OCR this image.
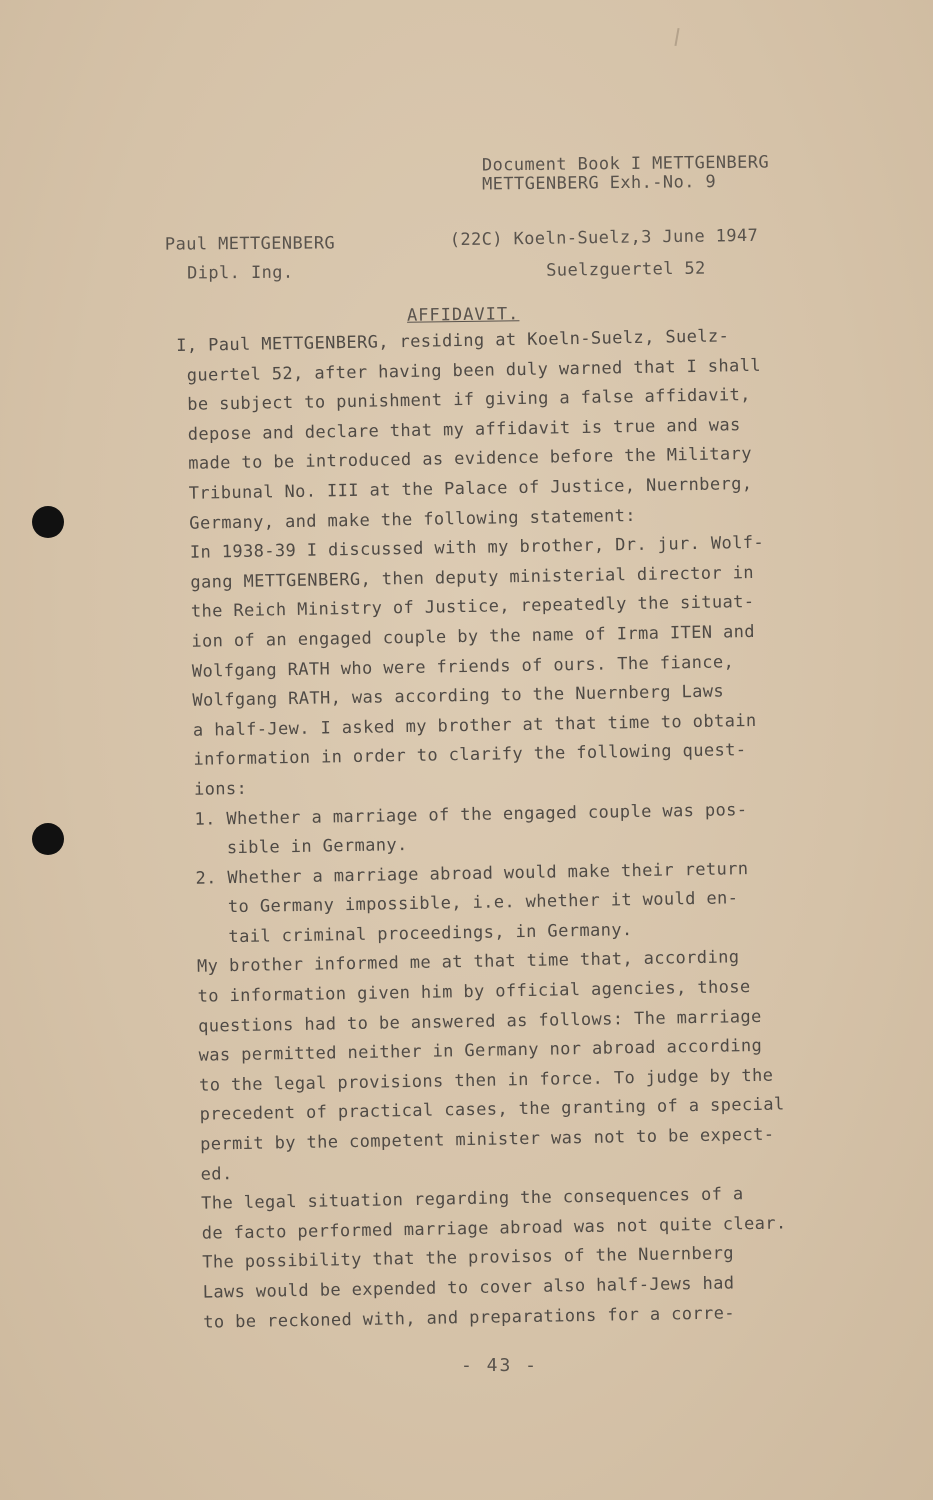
Document Book I METTGENBERG
METTGENBERG Exh.-No. 9
Paul METTGENBERG
Dipl. Ing.
(22C) Koeln-Suelz,3 June 1947
Suelzguertel 52
AFFIDAVIT.
I, Paul METTGENBERG, residing at Koeln-Suelz, Suelz-
guertel 52, after having been duly warned that I shall
be subject to punishment if giving a false affidavit,
depose and declare that my affidavit is true and was
made to be introduced as evidence before the Military
Tribunal No. III at the Palace of Justice, Nuernberg,
Germany, and make the following statement:
In 1938-39 I discussed with my brother, Dr. jur. Wolf-
gang METTGENBERG, then deputy ministerial director in
the Reich Ministry of Justice, repeatedly the situat-
ion of an engaged couple by the name of Irma ITEN and
Wolfgang RATH who were friends of ours. The fiance,
Wolfgang RATH, was according to the Nuernberg Laws
a half-Jew. I asked my brother at that time to obtain
information in order to clarify the following quest-
ions:
1. Whether a marriage of the engaged couple was pos-
sible in Germany.
2. Whether a marriage abroad would make their return
to Germany impossible, i.e. whether it would en-
tail criminal proceedings, in Germany.
My brother informed me at that time that, according
to information given him by official agencies, those
questions had to be answered as follows: The marriage
was permitted neither in Germany nor abroad according
to the legal provisions then in force. To judge by the
precedent of practical cases, the granting of a special
permit by the competent minister was not to be expect-
ed.
The legal situation regarding the consequences of a
de facto performed marriage abroad was not quite clear.
The possibility that the provisos of the Nuernberg
Laws would be expended to cover also half-Jews had
to be reckoned with, and preparations for a corre-
- 43 -
